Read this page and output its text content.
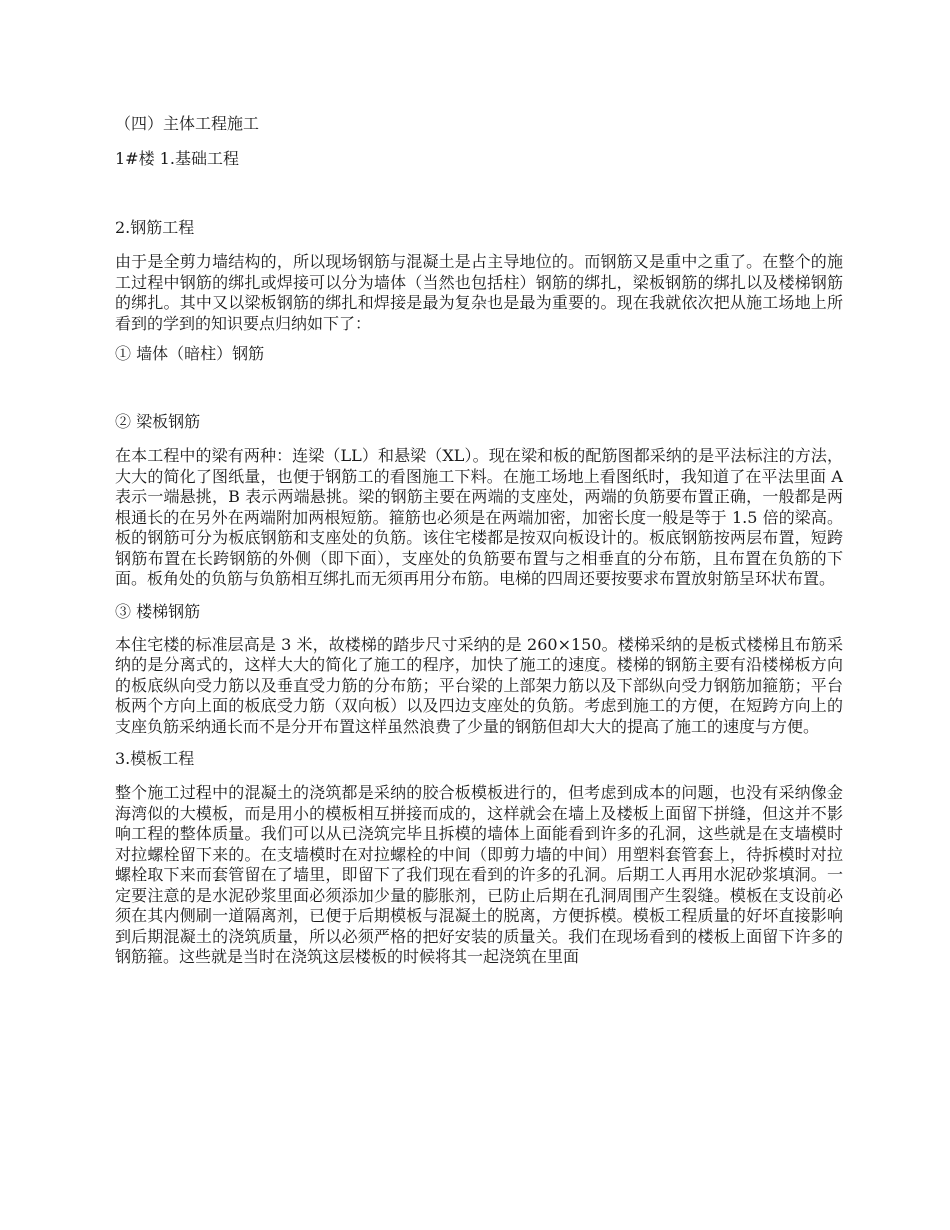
（四）主体工程施工

1#楼 1.基础工程

2.钢筋工程

由于是全剪力墙结构的，所以现场钢筋与混凝土是占主导地位的。而钢筋又是重中之重了。在整个的施工过程中钢筋的绑扎或焊接可以分为墙体（当然也包括柱）钢筋的绑扎，梁板钢筋的绑扎以及楼梯钢筋的绑扎。其中又以梁板钢筋的绑扎和焊接是最为复杂也是最为重要的。现在我就依次把从施工场地上所看到的学到的知识要点归纳如下了：

① 墙体（暗柱）钢筋

② 梁板钢筋

在本工程中的梁有两种：连梁（LL）和悬梁（XL）。现在梁和板的配筋图都采纳的是平法标注的方法，大大的简化了图纸量，也便于钢筋工的看图施工下料。在施工场地上看图纸时，我知道了在平法里面 A 表示一端悬挑，B 表示两端悬挑。梁的钢筋主要在两端的支座处，两端的负筋要布置正确，一般都是两根通长的在另外在两端附加两根短筋。箍筋也必须是在两端加密，加密长度一般是等于 1.5 倍的梁高。板的钢筋可分为板底钢筋和支座处的负筋。该住宅楼都是按双向板设计的。板底钢筋按两层布置，短跨钢筋布置在长跨钢筋的外侧（即下面），支座处的负筋要布置与之相垂直的分布筋，且布置在负筋的下面。板角处的负筋与负筋相互绑扎而无须再用分布筋。电梯的四周还要按要求布置放射筋呈环状布置。

③ 楼梯钢筋

本住宅楼的标准层高是 3 米，故楼梯的踏步尺寸采纳的是 260×150。楼梯采纳的是板式楼梯且布筋采纳的是分离式的，这样大大的简化了施工的程序，加快了施工的速度。楼梯的钢筋主要有沿楼梯板方向的板底纵向受力筋以及垂直受力筋的分布筋；平台梁的上部架力筋以及下部纵向受力钢筋加箍筋；平台板两个方向上面的板底受力筋（双向板）以及四边支座处的负筋。考虑到施工的方便，在短跨方向上的支座负筋采纳通长而不是分开布置这样虽然浪费了少量的钢筋但却大大的提高了施工的速度与方便。

3.模板工程

整个施工过程中的混凝土的浇筑都是采纳的胶合板模板进行的，但考虑到成本的问题，也没有采纳像金海湾似的大模板，而是用小的模板相互拼接而成的，这样就会在墙上及楼板上面留下拼缝，但这并不影响工程的整体质量。我们可以从已浇筑完毕且拆模的墙体上面能看到许多的孔洞，这些就是在支墙模时对拉螺栓留下来的。在支墙模时在对拉螺栓的中间（即剪力墙的中间）用塑料套管套上，待拆模时对拉螺栓取下来而套管留在了墙里，即留下了我们现在看到的许多的孔洞。后期工人再用水泥砂浆填洞。一定要注意的是水泥砂浆里面必须添加少量的膨胀剂，已防止后期在孔洞周围产生裂缝。模板在支设前必须在其内侧刷一道隔离剂，已便于后期模板与混凝土的脱离，方便拆模。模板工程质量的好坏直接影响到后期混凝土的浇筑质量，所以必须严格的把好安装的质量关。我们在现场看到的楼板上面留下许多的钢筋箍。这些就是当时在浇筑这层楼板的时候将其一起浇筑在里面
